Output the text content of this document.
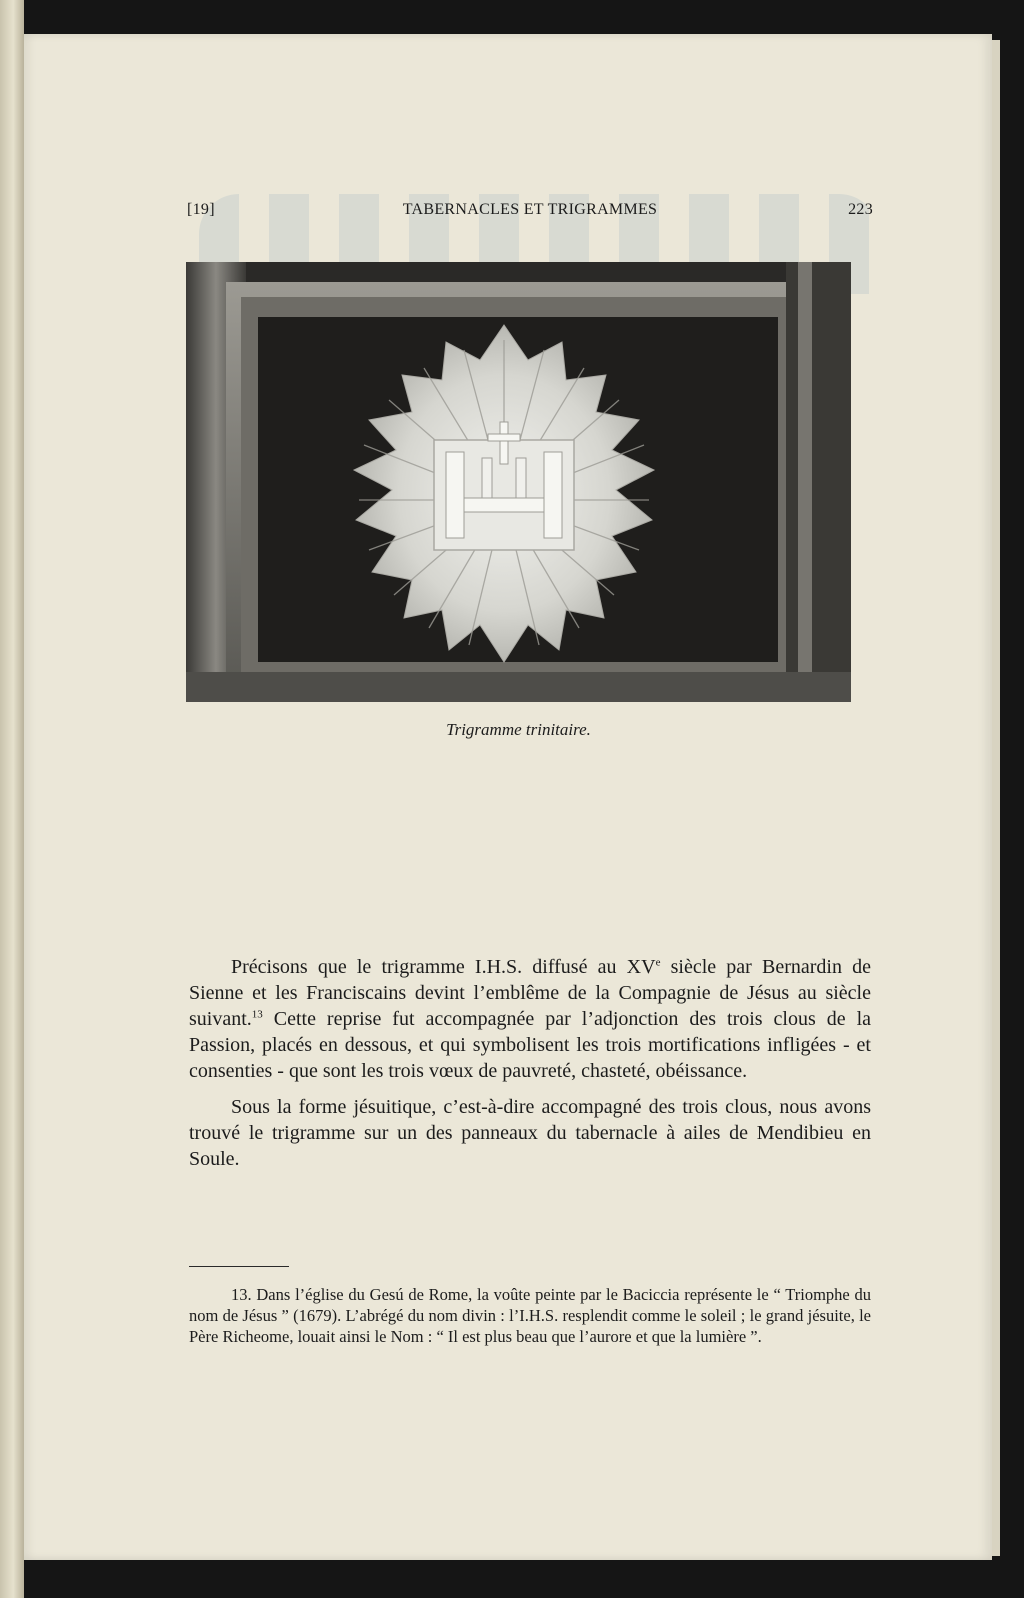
[19]	TABERNACLES ET TRIGRAMMES	223
Trigramme trinitaire.

Précisons que le trigramme I.H.S. diffusé au XVe siècle par Bernardin de Sienne et les Franciscains devint l’emblême de la Compagnie de Jésus au siècle suivant.$^{13}$ Cette reprise fut accompagnée par l’adjonction des trois clous de la Passion, placés en dessous, et qui symbolisent les trois mortifications infligées - et consenties - que sont les trois vœux de pauvreté, chasteté, obéissance.

Sous la forme jésuitique, c’est-à-dire accompagné des trois clous, nous avons trouvé le trigramme sur un des panneaux du tabernacle à ailes de Mendibieu en Soule.

13. Dans l’église du Gesú de Rome, la voûte peinte par le Baciccia représente le “ Triomphe du nom de Jésus ” (1679). L’abrégé du nom divin : l’I.H.S. resplendit comme le soleil ; le grand jésuite, le Père Richeome, louait ainsi le Nom : “ Il est plus beau que l’aurore et que la lumière ”.
